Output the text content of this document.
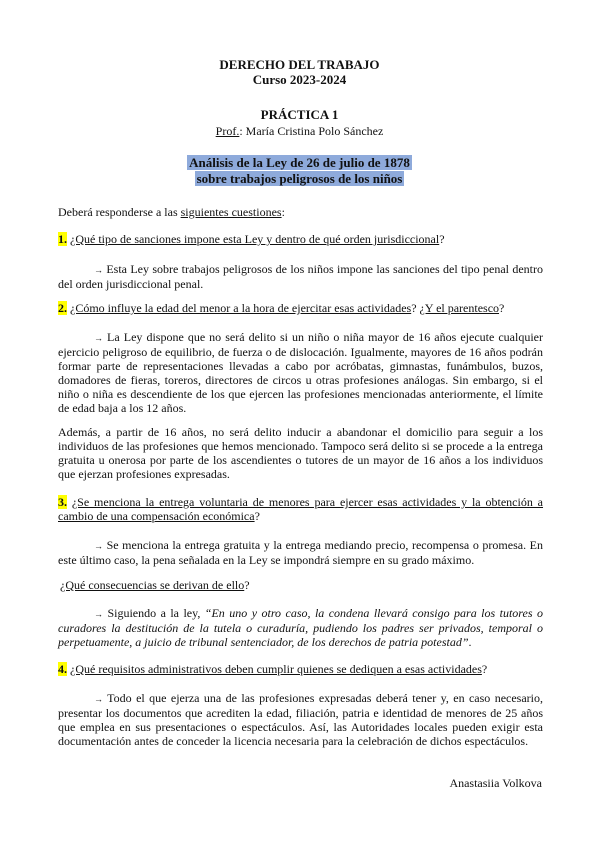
DERECHO DEL TRABAJO
Curso 2023-2024
PRÁCTICA 1
Prof.: María Cristina Polo Sánchez
Análisis de la Ley de 26 de julio de 1878
sobre trabajos peligrosos de los niños
Deberá responderse a las siguientes cuestiones:
1. ¿Qué tipo de sanciones impone esta Ley y dentro de qué orden jurisdiccional?
→ Esta Ley sobre trabajos peligrosos de los niños impone las sanciones del tipo penal dentro del orden jurisdiccional penal.
2. ¿Cómo influye la edad del menor a la hora de ejercitar esas actividades? ¿Y el parentesco?
→ La Ley dispone que no será delito si un niño o niña mayor de 16 años ejecute cualquier ejercicio peligroso de equilibrio, de fuerza o de dislocación. Igualmente, mayores de 16 años podrán formar parte de representaciones llevadas a cabo por acróbatas, gimnastas, funámbulos, buzos, domadores de fieras, toreros, directores de circos u otras profesiones análogas. Sin embargo, si el niño o niña es descendiente de los que ejercen las profesiones mencionadas anteriormente, el límite de edad baja a los 12 años.
Además, a partir de 16 años, no será delito inducir a abandonar el domicilio para seguir a los individuos de las profesiones que hemos mencionado. Tampoco será delito si se procede a la entrega gratuita u onerosa por parte de los ascendientes o tutores de un mayor de 16 años a los individuos que ejerzan profesiones expresadas.
3. ¿Se menciona la entrega voluntaria de menores para ejercer esas actividades y la obtención a cambio de una compensación económica?
→ Se menciona la entrega gratuita y la entrega mediando precio, recompensa o promesa. En este último caso, la pena señalada en la Ley se impondrá siempre en su grado máximo.
¿Qué consecuencias se derivan de ello?
→ Siguiendo a la ley, “En uno y otro caso, la condena llevará consigo para los tutores o curadores la destitución de la tutela o curaduría, pudiendo los padres ser privados, temporal o perpetuamente, a juicio de tribunal sentenciador, de los derechos de patria potestad”.
4. ¿Qué requisitos administrativos deben cumplir quienes se dediquen a esas actividades?
→ Todo el que ejerza una de las profesiones expresadas deberá tener y, en caso necesario, presentar los documentos que acrediten la edad, filiación, patria e identidad de menores de 25 años que emplea en sus presentaciones o espectáculos. Así, las Autoridades locales pueden exigir esta documentación antes de conceder la licencia necesaria para la celebración de dichos espectáculos.
Anastasiia Volkova
